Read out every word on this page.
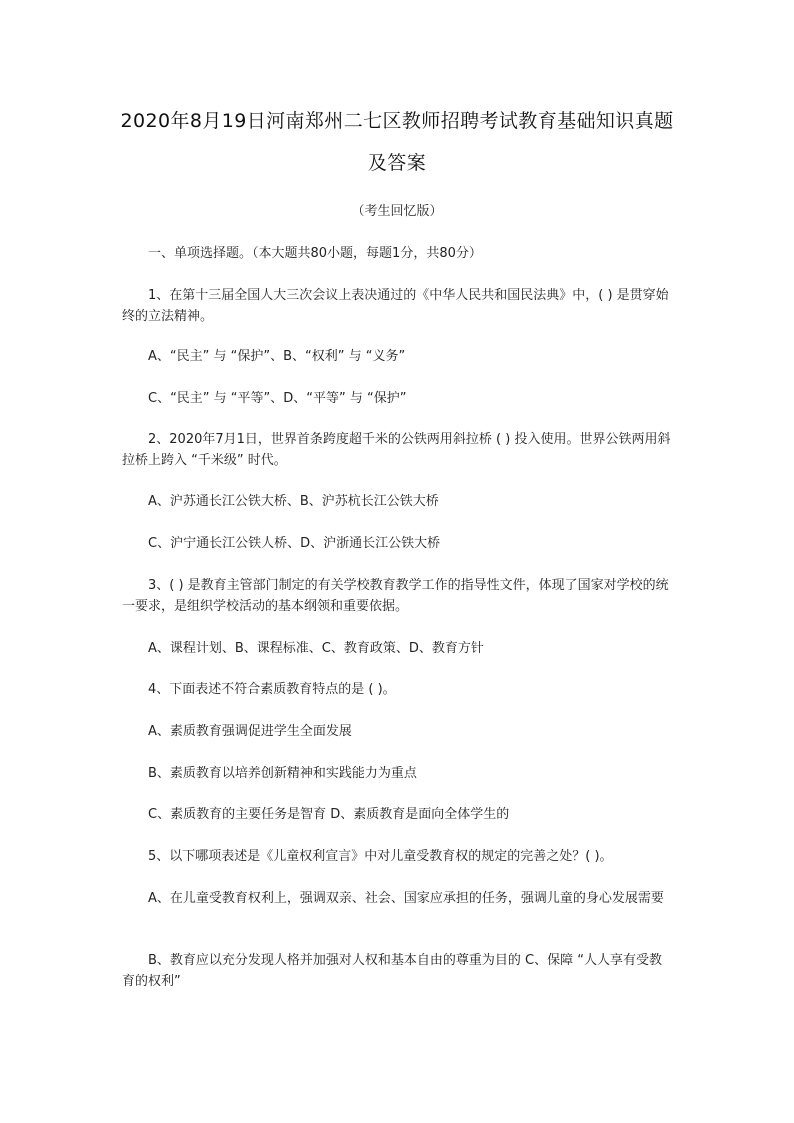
2020年8月19日河南郑州二七区教师招聘考试教育基础知识真题及答案
（考生回忆版）
一、单项选择题。（本大题共80小题，每题1分，共80分）
1、在第十三届全国人大三次会议上表决通过的《中华人民共和国民法典》中，( ) 是贯穿始终的立法精神。
A、“民主” 与 “保护”、B、“权利” 与 “义务”
C、“民主” 与 “平等”、D、“平等” 与 “保护”
2、2020年7月1日，世界首条跨度超千米的公铁两用斜拉桥 ( ) 投入使用。世界公铁两用斜拉桥上跨入 “千米级” 时代。
A、沪苏通长江公铁大桥、B、沪苏杭长江公铁大桥
C、沪宁通长江公铁人桥、D、沪浙通长江公铁大桥
3、( ) 是教育主管部门制定的有关学校教育教学工作的指导性文件，体现了国家对学校的统一要求，是组织学校活动的基本纲领和重要依据。
A、课程计划、B、课程标准、C、教育政策、D、教育方针
4、下面表述不符合素质教育特点的是 ( )。
A、素质教育强调促进学生全面发展
B、素质教育以培养创新精神和实践能力为重点
C、素质教育的主要任务是智育 D、素质教育是面向全体学生的
5、以下哪项表述是《儿童权利宣言》中对儿童受教育权的规定的完善之处？( )。
A、在儿童受教育权利上，强调双亲、社会、国家应承担的任务，强调儿童的身心发展需要
B、教育应以充分发现人格并加强对人权和基本自由的尊重为目的 C、保障 “人人享有受教育的权利”
